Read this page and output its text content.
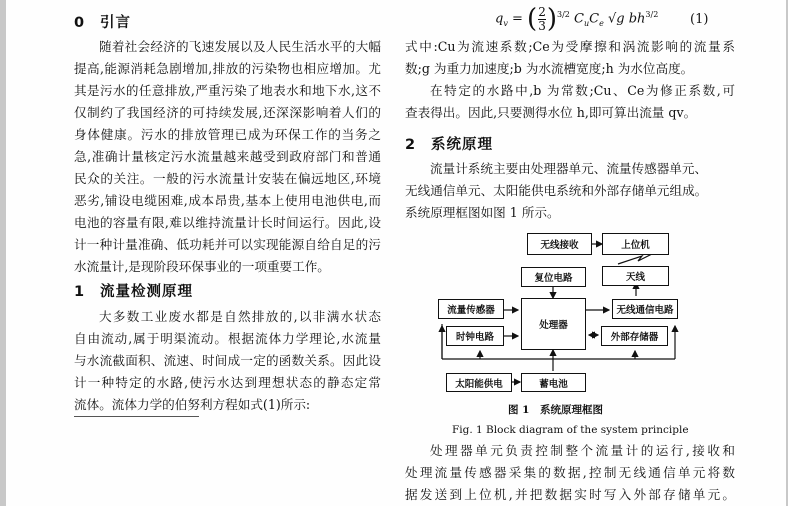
0 引言
随着社会经济的飞速发展以及人民生活水平的大幅
提高,能源消耗急剧增加,排放的污染物也相应增加。尤
其是污水的任意排放,严重污染了地表水和地下水,这不
仅制约了我国经济的可持续发展,还深深影响着人们的
身体健康。污水的排放管理已成为环保工作的当务之
急,准确计量核定污水流量越来越受到政府部门和普通
民众的关注。一般的污水流量计安装在偏远地区,环境
恶劣,铺设电缆困难,成本昂贵,基本上使用电池供电,而
电池的容量有限,难以维持流量计长时间运行。因此,设
计一种计量准确、低功耗并可以实现能源自给自足的污
水流量计,是现阶段环保事业的一项重要工作。
1 流量检测原理
大多数工业废水都是自然排放的,以非满水状态
自由流动,属于明渠流动。根据流体力学理论,水流量
与水流截面积、流速、时间成一定的函数关系。因此设
计一种特定的水路,使污水达到理想状态的静态定常
流体。流体力学的伯努利方程如式(1)所示:
$q_v = (\frac{2}{3})^{3/2}$ $C_uC_e$ √g $bh^{3/2}$ (1)
式中:Cu为流速系数;Ce为受摩擦和涡流影响的流量系
数;g 为重力加速度;b 为水流槽宽度;h 为水位高度。
在特定的水路中,b 为常数;Cu、Ce为修正系数,可
查表得出。因此,只要测得水位 h,即可算出流量 qv。
2 系统原理
流量计系统主要由处理器单元、流量传感器单元、
无线通信单元、太阳能供电系统和外部存储单元组成。
系统原理框图如图 1 所示。
无线接收	上位机
天线
复位电路
流量传感器
处理器
无线通信电路
时钟电路	外部存储器
太阳能供电	蓄电池
图 1　系统原理框图
Fig. 1 Block diagram of the system principle
处理器单元负责控制整个流量计的运行,接收和
处理流量传感器采集的数据,控制无线通信单元将数
据发送到上位机,并把数据实时写入外部存储单元。
